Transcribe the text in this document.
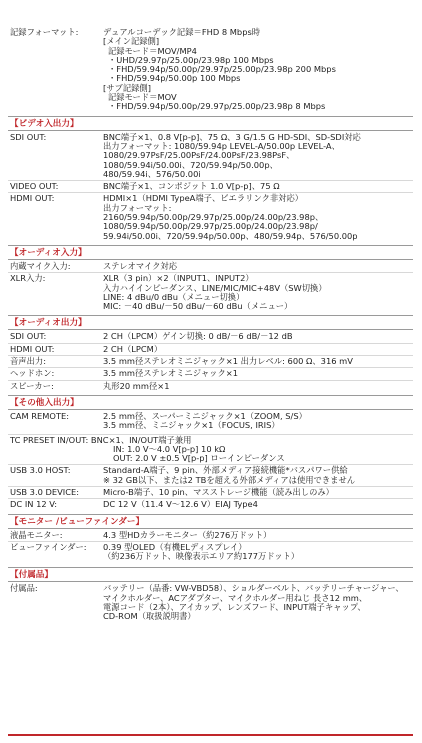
記録フォーマット:	デュアルコーデック記録＝FHD 8 Mbps時
[メイン記録側]
記録モード＝MOV/MP4
・UHD/29.97p/25.00p/23.98p 100 Mbps
・FHD/59.94p/50.00p/29.97p/25.00p/23.98p 200 Mbps
・FHD/59.94p/50.00p 100 Mbps
[サブ記録側]
記録モード＝MOV
・FHD/59.94p/50.00p/29.97p/25.00p/23.98p 8 Mbps
【ビデオ入出力】
SDI OUT:	BNC端子×1、0.8 V[p-p]、75 Ω、3 G/1.5 G HD-SDI、SD-SDI対応
出力フォーマット: 1080/59.94p LEVEL-A/50.00p LEVEL-A、
1080/29.97PsF/25.00PsF/24.00PsF/23.98PsF、
1080/59.94i/50.00i、720/59.94p/50.00p、
480/59.94i、576/50.00i
VIDEO OUT:	BNC端子×1、コンポジット 1.0 V[p-p]、75 Ω
HDMI OUT:	HDMI×1（HDMI TypeA端子、ビエラリンク非対応）
出力フォーマット:
2160/59.94p/50.00p/29.97p/25.00p/24.00p/23.98p、
1080/59.94p/50.00p/29.97p/25.00p/24.00p/23.98p/
59.94i/50.00i、720/59.94p/50.00p、480/59.94p、576/50.00p
【オーディオ入力】
内蔵マイク入力:	ステレオマイク対応
XLR入力:	XLR（3 pin）×2（INPUT1、INPUT2）
入力ハイインピーダンス、LINE/MIC/MIC+48V（SW切換）
LINE: 4 dBu/0 dBu（メニュー切換）
MIC: －40 dBu/－50 dBu/－60 dBu（メニュー）
【オーディオ出力】
SDI OUT:	2 CH（LPCM）ゲイン切換: 0 dB/－6 dB/－12 dB
HDMI OUT:	2 CH（LPCM）
音声出力:	3.5 mm径ステレオミニジャック×1 出力レベル: 600 Ω、316 mV
ヘッドホン:	3.5 mm径ステレオミニジャック×1
スピーカー:	丸形20 mm径×1
【その他入出力】
CAM REMOTE:	2.5 mm径、スーパーミニジャック×1（ZOOM, S/S）
3.5 mm径、ミニジャック×1（FOCUS, IRIS）
TC PRESET IN/OUT: BNC×1、IN/OUT端子兼用
IN: 1.0 V～4.0 V[p-p] 10 kΩ
OUT: 2.0 V ±0.5 V[p-p] ローインピーダンス
USB 3.0 HOST:	Standard-A端子、9 pin、外部メディア接続機能*バスパワー供給
※ 32 GB以下、または2 TBを超える外部メディアは使用できません
USB 3.0 DEVICE:	Micro-B端子、10 pin、マスストレージ機能（読み出しのみ）
DC IN 12 V:	DC 12 V（11.4 V～12.6 V）EIAJ Type4
【モニター /ビューファインダー】
液晶モニター:	4.3 型HDカラーモニター（約276万ドット）
ビューファインダー: 0.39 型OLED（有機ELディスプレイ）
（約236万ドット、映像表示エリア約177万ドット）
【付属品】
付属品:	バッテリー（品番: VW-VBD58）、ショルダーベルト、バッテリーチャージャー、
マイクホルダー、ACアダプター、マイクホルダー用ねじ 長さ12 mm、
電源コード（2本）、アイカップ、レンズフード、INPUT端子キャップ、
CD-ROM（取扱説明書）
